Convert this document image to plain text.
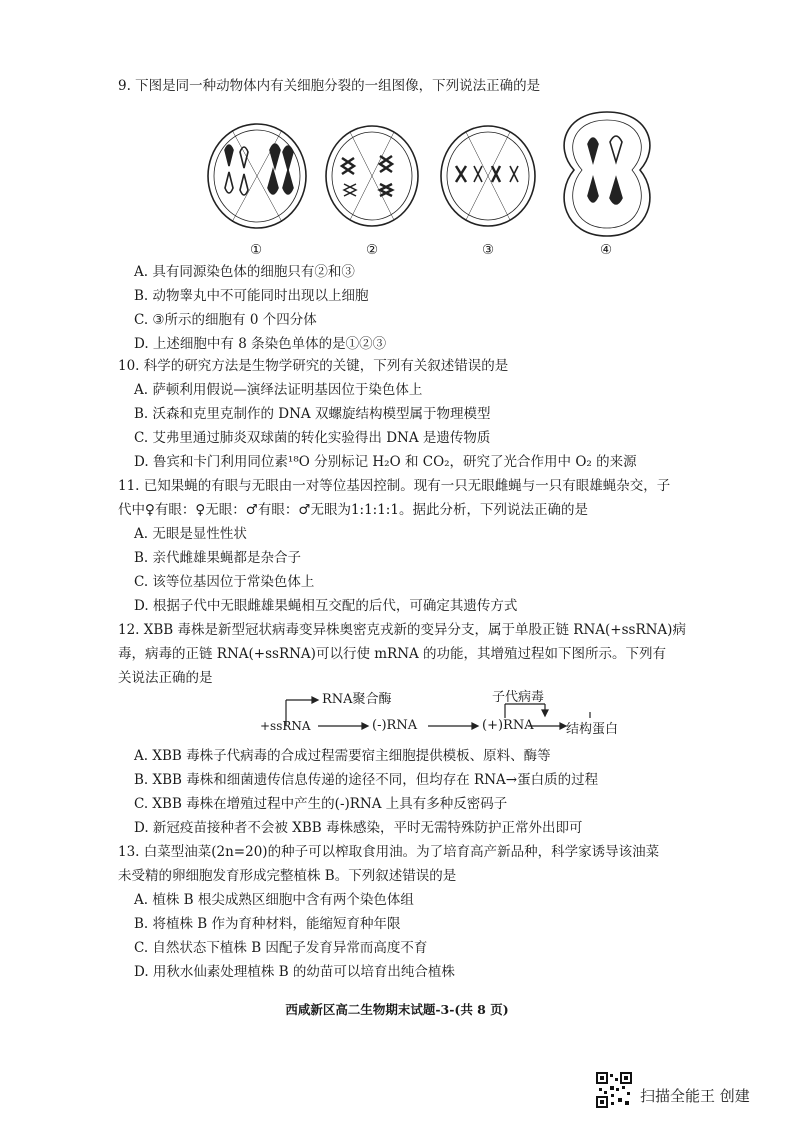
9. 下图是同一种动物体内有关细胞分裂的一组图像，下列说法正确的是
①	②	③	④
A. 具有同源染色体的细胞只有②和③
B. 动物睾丸中不可能同时出现以上细胞
C. ③所示的细胞有 0 个四分体
D. 上述细胞中有 8 条染色单体的是①②③
10. 科学的研究方法是生物学研究的关键，下列有关叙述错误的是
A. 萨顿利用假说—演绎法证明基因位于染色体上
B. 沃森和克里克制作的 DNA 双螺旋结构模型属于物理模型
C. 艾弗里通过肺炎双球菌的转化实验得出 DNA 是遗传物质
D. 鲁宾和卡门利用同位素¹⁸O 分别标记 H₂O 和 CO₂，研究了光合作用中 O₂ 的来源
11. 已知果蝇的有眼与无眼由一对等位基因控制。现有一只无眼雌蝇与一只有眼雄蝇杂交，子
代中♀有眼：♀无眼：♂有眼：♂无眼为1:1:1:1。据此分析，下列说法正确的是
A. 无眼是显性性状
B. 亲代雌雄果蝇都是杂合子
C. 该等位基因位于常染色体上
D. 根据子代中无眼雌雄果蝇相互交配的后代，可确定其遗传方式
12. XBB 毒株是新型冠状病毒变异株奥密克戎新的变异分支，属于单股正链 RNA(+ssRNA)病
毒，病毒的正链 RNA(+ssRNA)可以行使 mRNA 的功能，其增殖过程如下图所示。下列有
关说法正确的是
RNA聚合酶
+ssRNA	(-)RNA	(+)RNA
子代病毒
结构蛋白
A. XBB 毒株子代病毒的合成过程需要宿主细胞提供模板、原料、酶等
B. XBB 毒株和细菌遗传信息传递的途径不同，但均存在 RNA→蛋白质的过程
C. XBB 毒株在增殖过程中产生的(-)RNA 上具有多种反密码子
D. 新冠疫苗接种者不会被 XBB 毒株感染，平时无需特殊防护正常外出即可
13. 白菜型油菜(2n=20)的种子可以榨取食用油。为了培育高产新品种，科学家诱导该油菜
未受精的卵细胞发育形成完整植株 B。下列叙述错误的是
A. 植株 B 根尖成熟区细胞中含有两个染色体组
B. 将植株 B 作为育种材料，能缩短育种年限
C. 自然状态下植株 B 因配子发育异常而高度不育
D. 用秋水仙素处理植株 B 的幼苗可以培育出纯合植株
西咸新区高二生物期末试题-3-(共 8 页)
扫描全能王 创建
